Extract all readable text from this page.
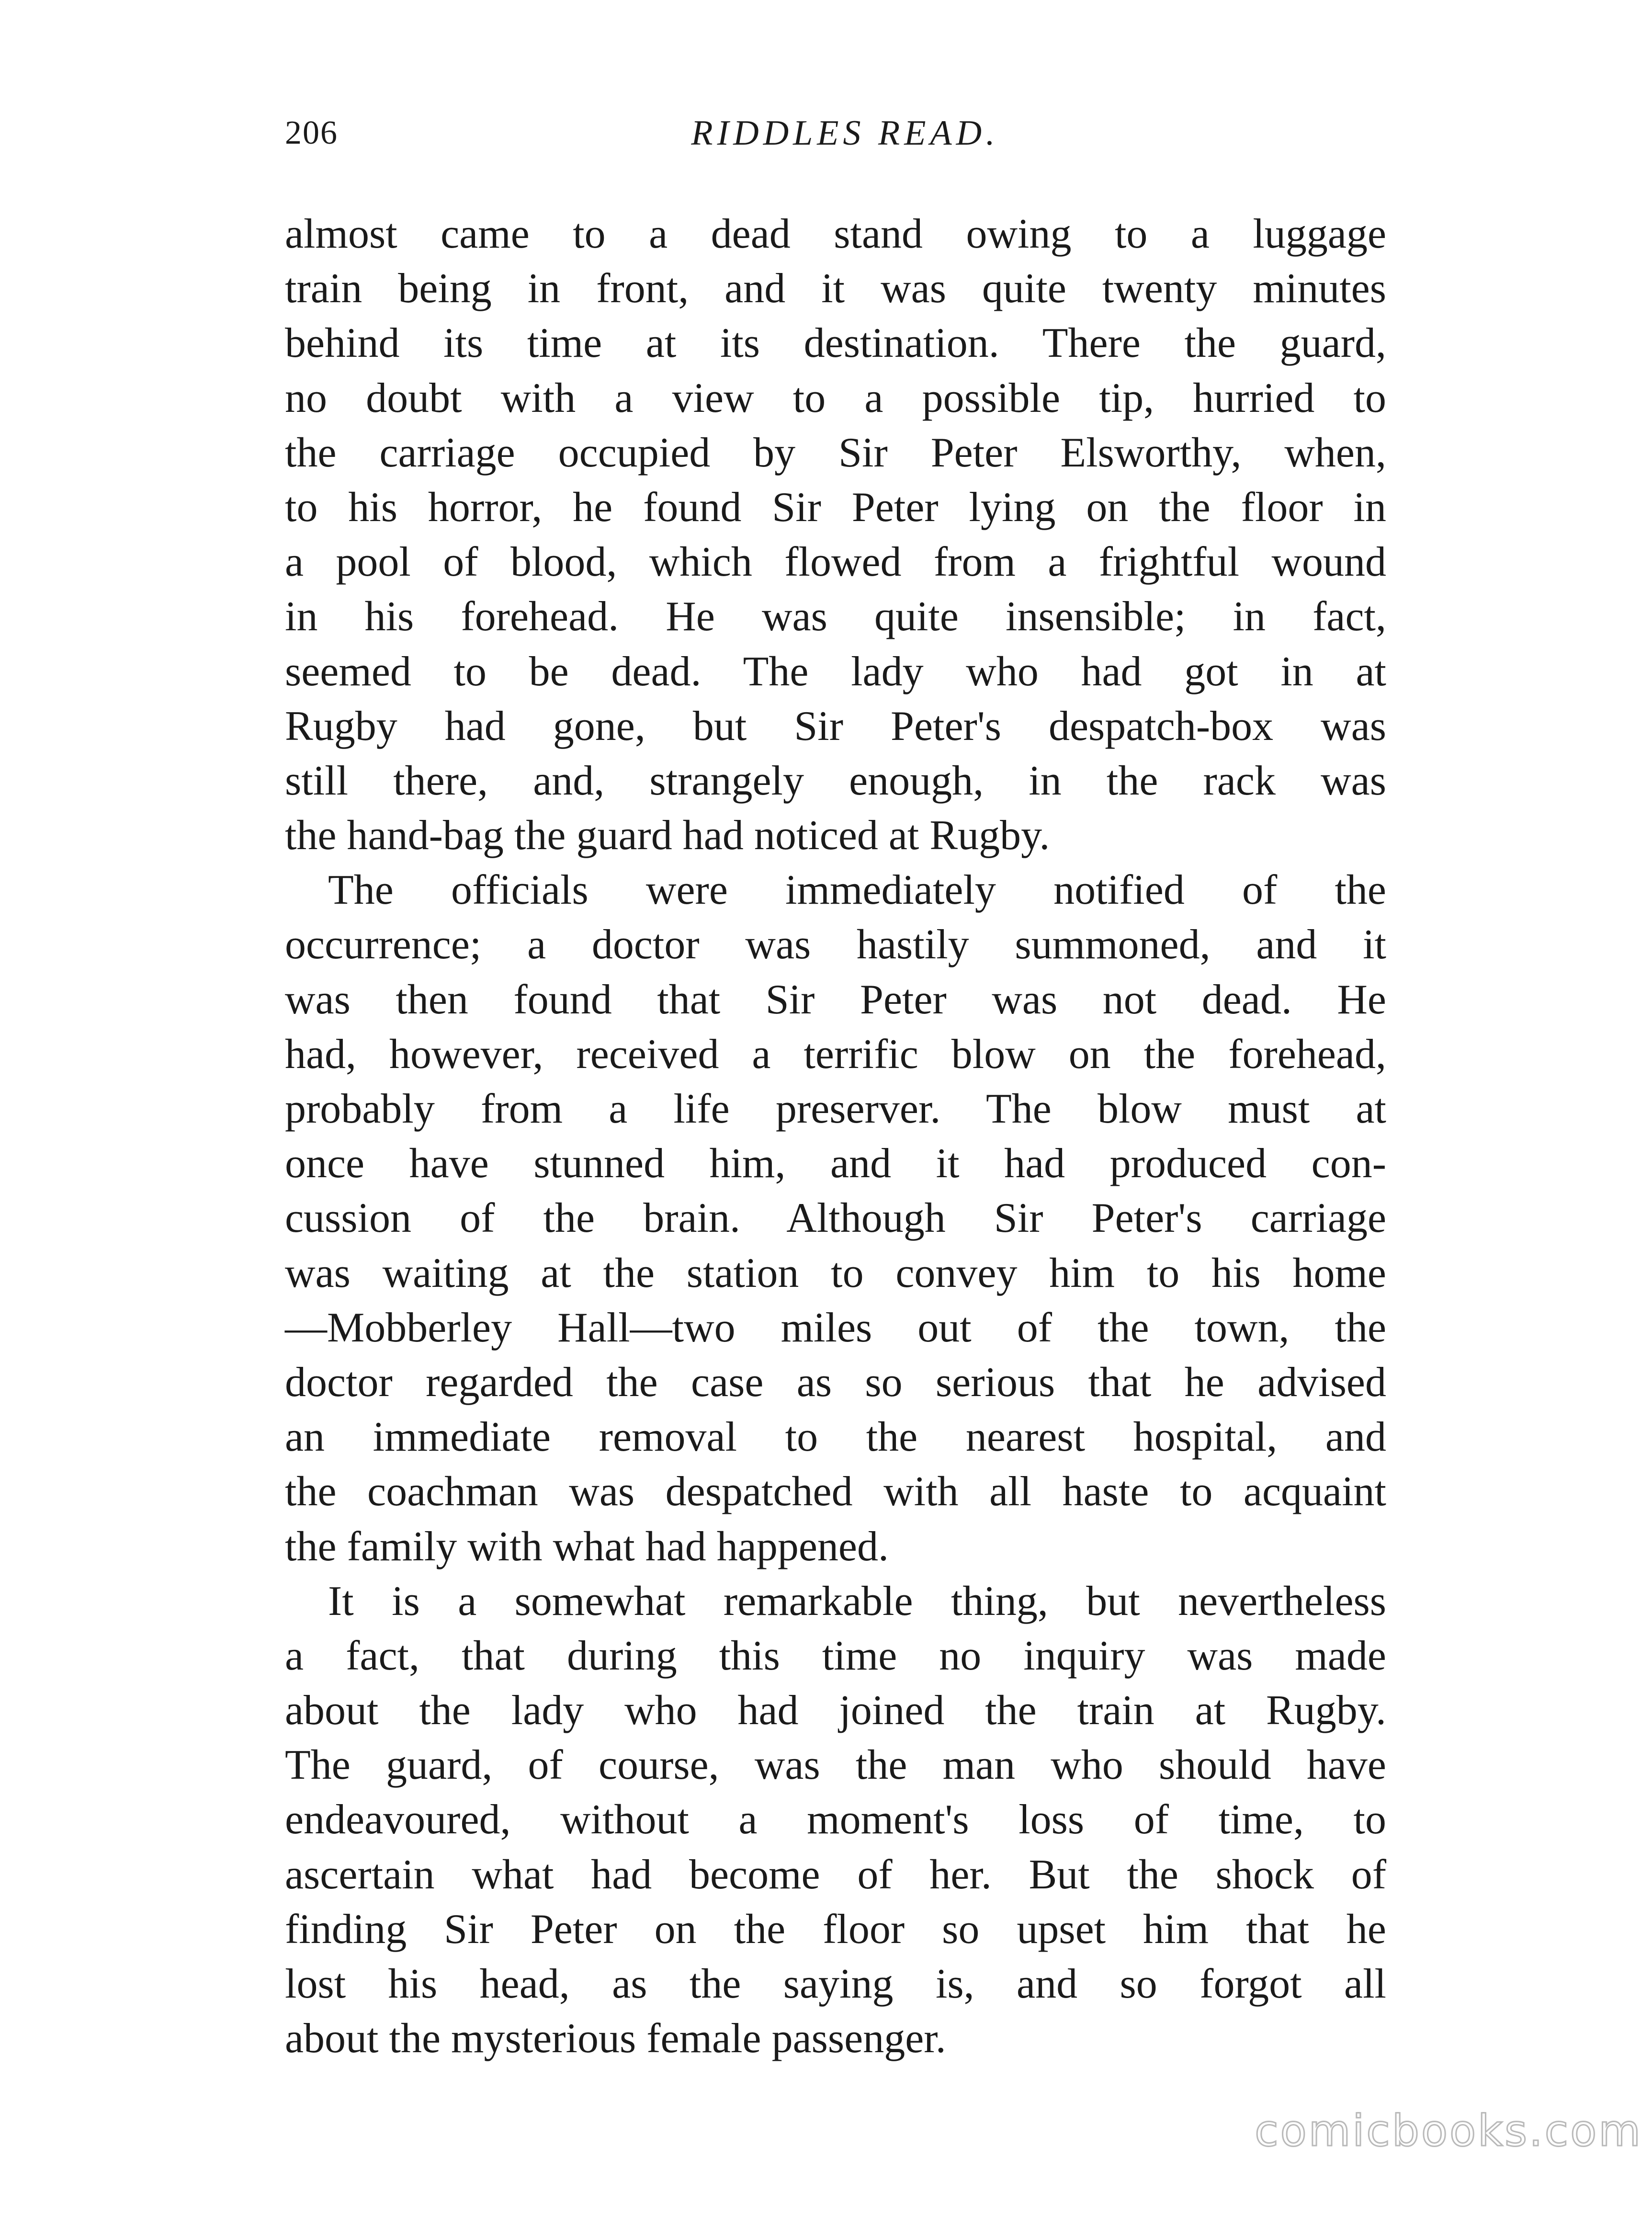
206	RIDDLES READ.
almost came to a dead stand owing to a luggage
train being in front, and it was quite twenty minutes
behind its time at its destination. There the guard,
no doubt with a view to a possible tip, hurried to
the carriage occupied by Sir Peter Elsworthy, when,
to his horror, he found Sir Peter lying on the floor in
a pool of blood, which flowed from a frightful wound
in his forehead. He was quite insensible; in fact,
seemed to be dead. The lady who had got in at
Rugby had gone, but Sir Peter's despatch-box was
still there, and, strangely enough, in the rack was
the hand-bag the guard had noticed at Rugby.
The officials were immediately notified of the
occurrence; a doctor was hastily summoned, and it
was then found that Sir Peter was not dead. He
had, however, received a terrific blow on the forehead,
probably from a life preserver. The blow must at
once have stunned him, and it had produced con-
cussion of the brain. Although Sir Peter's carriage
was waiting at the station to convey him to his home
—Mobberley Hall—two miles out of the town, the
doctor regarded the case as so serious that he advised
an immediate removal to the nearest hospital, and
the coachman was despatched with all haste to acquaint
the family with what had happened.
It is a somewhat remarkable thing, but nevertheless
a fact, that during this time no inquiry was made
about the lady who had joined the train at Rugby.
The guard, of course, was the man who should have
endeavoured, without a moment's loss of time, to
ascertain what had become of her. But the shock of
finding Sir Peter on the floor so upset him that he
lost his head, as the saying is, and so forgot all
about the mysterious female passenger.
comicbooks.com
